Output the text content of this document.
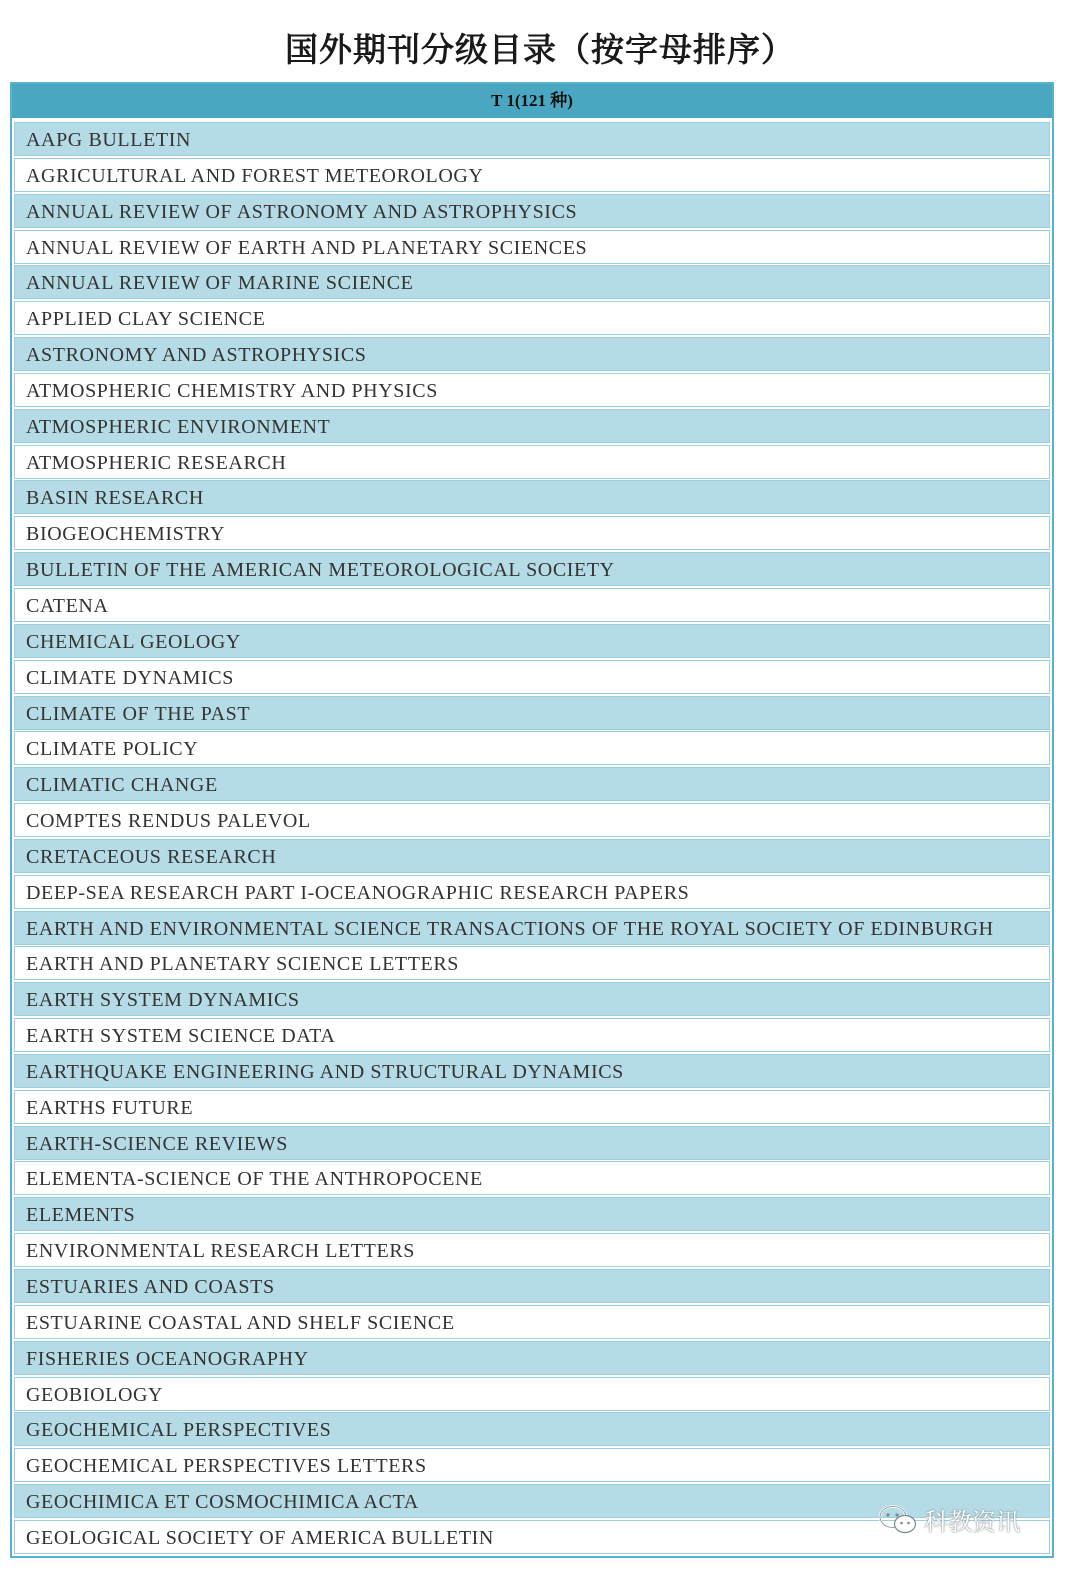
国外期刊分级目录（按字母排序）
T 1(121 种)
AAPG BULLETIN
AGRICULTURAL AND FOREST METEOROLOGY
ANNUAL REVIEW OF ASTRONOMY AND ASTROPHYSICS
ANNUAL REVIEW OF EARTH AND PLANETARY SCIENCES
ANNUAL REVIEW OF MARINE SCIENCE
APPLIED CLAY SCIENCE
ASTRONOMY AND ASTROPHYSICS
ATMOSPHERIC CHEMISTRY AND PHYSICS
ATMOSPHERIC ENVIRONMENT
ATMOSPHERIC RESEARCH
BASIN RESEARCH
BIOGEOCHEMISTRY
BULLETIN OF THE AMERICAN METEOROLOGICAL SOCIETY
CATENA
CHEMICAL GEOLOGY
CLIMATE DYNAMICS
CLIMATE OF THE PAST
CLIMATE POLICY
CLIMATIC CHANGE
COMPTES RENDUS PALEVOL
CRETACEOUS RESEARCH
DEEP-SEA RESEARCH PART I-OCEANOGRAPHIC RESEARCH PAPERS
EARTH AND ENVIRONMENTAL SCIENCE TRANSACTIONS OF THE ROYAL SOCIETY OF EDINBURGH
EARTH AND PLANETARY SCIENCE LETTERS
EARTH SYSTEM DYNAMICS
EARTH SYSTEM SCIENCE DATA
EARTHQUAKE ENGINEERING AND STRUCTURAL DYNAMICS
EARTHS FUTURE
EARTH-SCIENCE REVIEWS
ELEMENTA-SCIENCE OF THE ANTHROPOCENE
ELEMENTS
ENVIRONMENTAL RESEARCH LETTERS
ESTUARIES AND COASTS
ESTUARINE COASTAL AND SHELF SCIENCE
FISHERIES OCEANOGRAPHY
GEOBIOLOGY
GEOCHEMICAL PERSPECTIVES
GEOCHEMICAL PERSPECTIVES LETTERS
GEOCHIMICA ET COSMOCHIMICA ACTA
GEOLOGICAL SOCIETY OF AMERICA BULLETIN
科教资讯
